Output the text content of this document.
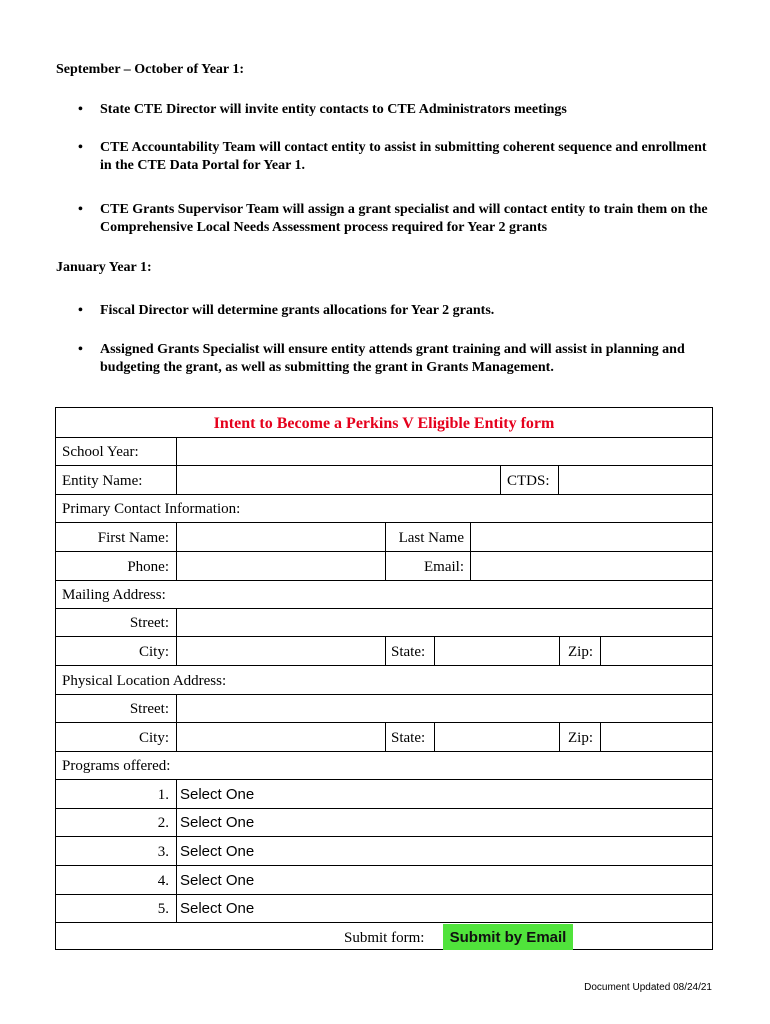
September – October of Year 1:
•	State CTE Director will invite entity contacts to CTE Administrators meetings
•	CTE Accountability Team will contact entity to assist in submitting coherent sequence and enrollment in the CTE Data Portal for Year 1.
•	CTE Grants Supervisor Team will assign a grant specialist and will contact entity to train them on the Comprehensive Local Needs Assessment process required for Year 2 grants
January Year 1:
•	Fiscal Director will determine grants allocations for Year 2 grants.
•	Assigned Grants Specialist will ensure entity attends grant training and will assist in planning and budgeting the grant, as well as submitting the grant in Grants Management.
Intent to Become a Perkins V Eligible Entity form
School Year:
Entity Name:	CTDS:
Primary Contact Information:
First Name:	Last Name
Phone:	Email:
Mailing Address:
Street:
City:	State:	Zip:
Physical Location Address:
Street:
City:	State:	Zip:
Programs offered:
1. Select One
2. Select One
3. Select One
4. Select One
5. Select One
Submit form:	Submit by Email
Document Updated 08/24/21
